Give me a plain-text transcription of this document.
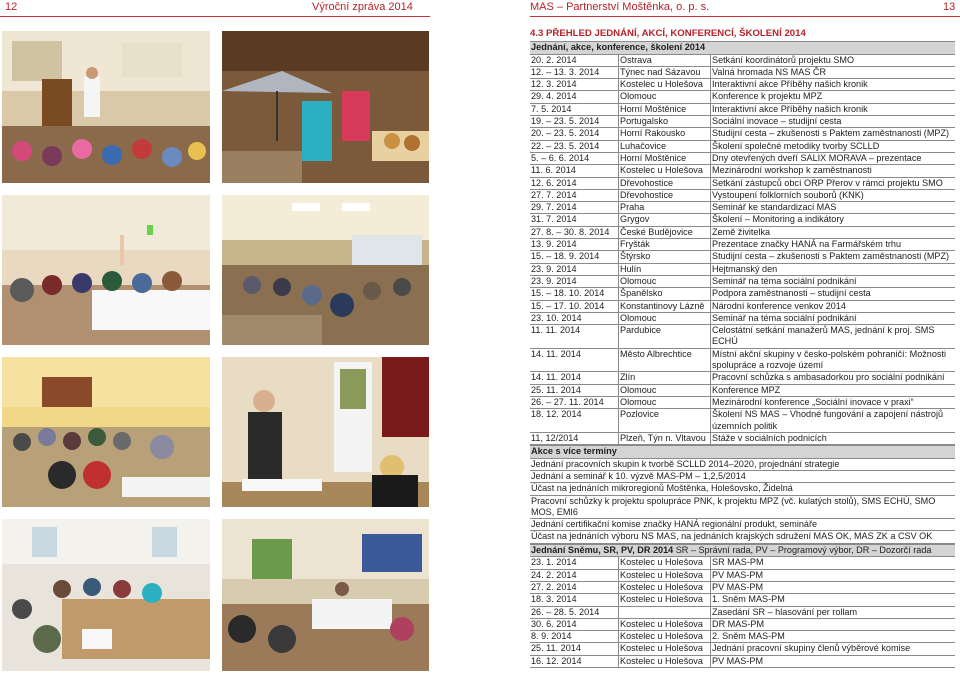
12	Výroční zpráva 2014	MAS – Partnerství Moštěnka, o. p. s.	13
4.3 PŘEHLED JEDNÁNÍ, AKCÍ, KONFERENCÍ, ŠKOLENÍ 2014
Jednání, akce, konference, školení 2014
20. 2. 2014	Ostrava	Setkání koordinátorů projektu SMO
12. – 13. 3. 2014	Týnec nad Sázavou	Valná hromada NS MAS ČR
12. 3. 2014	Kostelec u Holešova	Interaktivní akce Příběhy našich kronik
29. 4. 2014	Olomouc	Konference k projektu MPZ
7. 5. 2014	Horní Moštěnice	Interaktivní akce Příběhy našich kronik
19. – 23. 5. 2014	Portugalsko	Sociální inovace – studijní cesta
20. – 23. 5. 2014	Horní Rakousko	Studijní cesta – zkušenosti s Paktem zaměstnanosti (MPZ)
22. – 23. 5. 2014	Luhačovice	Školení společné metodiky tvorby SCLLD
5. – 6. 6. 2014	Horní Moštěnice	Dny otevřených dveří SALIX MORAVA – prezentace
11. 6. 2014	Kostelec u Holešova	Mezinárodní workshop k zaměstnanosti
12. 6. 2014	Dřevohostice	Setkání zástupců obcí ORP Přerov v rámci projektu SMO
27. 7. 2014	Dřevohostice	Vystoupení folklorních souborů (KNK)
29. 7. 2014	Praha	Seminář ke standardizaci MAS
31. 7. 2014	Grygov	Školení – Monitoring a indikátory
27. 8. – 30. 8. 2014	České Budějovice	Země živitelka
13. 9. 2014	Fryšták	Prezentace značky HANÁ na Farmářském trhu
15. – 18. 9. 2014	Štýrsko	Studijní cesta – zkušenosti s Paktem zaměstnanosti (MPZ)
23. 9. 2014	Hulín	Hejtmanský den
23. 9. 2014	Olomouc	Seminář na téma sociální podnikání
15. – 18. 10. 2014	Španělsko	Podpora zaměstnanosti – studijní cesta
15. – 17. 10. 2014	Konstantinovy Lázně	Národní konference venkov 2014
23. 10. 2014	Olomouc	Seminář na téma sociální podnikání
11. 11. 2014	Pardubice	Celostátní setkání manažerů MAS, jednání k proj. SMS ECHÚ
14. 11. 2014	Město Albrechtice	Místní akční skupiny v česko-polském pohraničí: Možnosti spolupráce a rozvoje území
14. 11. 2014	Zlín	Pracovní schůzka s ambasadorkou pro sociální podnikání
25. 11. 2014	Olomouc	Konference MPZ
26. – 27. 11. 2014	Olomouc	Mezinárodní konference „Sociální inovace v praxi“
18. 12. 2014	Pozlovice	Školení NS MAS – Vhodné fungování a zapojení nástrojů územních politik
11, 12/2014	Plzeň, Týn n. Vltavou	Stáže v sociálních podnicích
Akce s více termíny
Jednání pracovních skupin k tvorbě SCLLD 2014–2020, projednání strategie
Jednání a seminář k 10. výzvě MAS-PM – 1,2,5/2014
Účast na jednáních mikroregionů Moštěnka, Holešovsko, Židelná
Pracovní schůzky k projektu spolupráce PNK, k projektu MPZ (vč. kulatých stolů), SMS ECHÚ, SMO MOS, EMI6
Jednání certifikační komise značky HANÁ regionální produkt, semináře
Účast na jednáních výboru NS MAS, na jednáních krajských sdružení MAS OK, MAS ZK a CSV OK
Jednání Sněmu, SR, PV, DR 2014 SR – Správní rada, PV – Programový výbor, DR – Dozorčí rada
23. 1. 2014	Kostelec u Holešova	SR MAS-PM
24. 2. 2014	Kostelec u Holešova	PV MAS-PM
27. 2. 2014	Kostelec u Holešova	PV MAS-PM
18. 3. 2014	Kostelec u Holešova	1. Sněm MAS-PM
26. – 28. 5. 2014		Zasedání SR – hlasování per rollam
30. 6. 2014	Kostelec u Holešova	DR MAS-PM
8. 9. 2014	Kostelec u Holešova	2. Sněm MAS-PM
25. 11. 2014	Kostelec u Holešova	Jednání pracovní skupiny členů výběrové komise
16. 12. 2014	Kostelec u Holešova	PV MAS-PM
